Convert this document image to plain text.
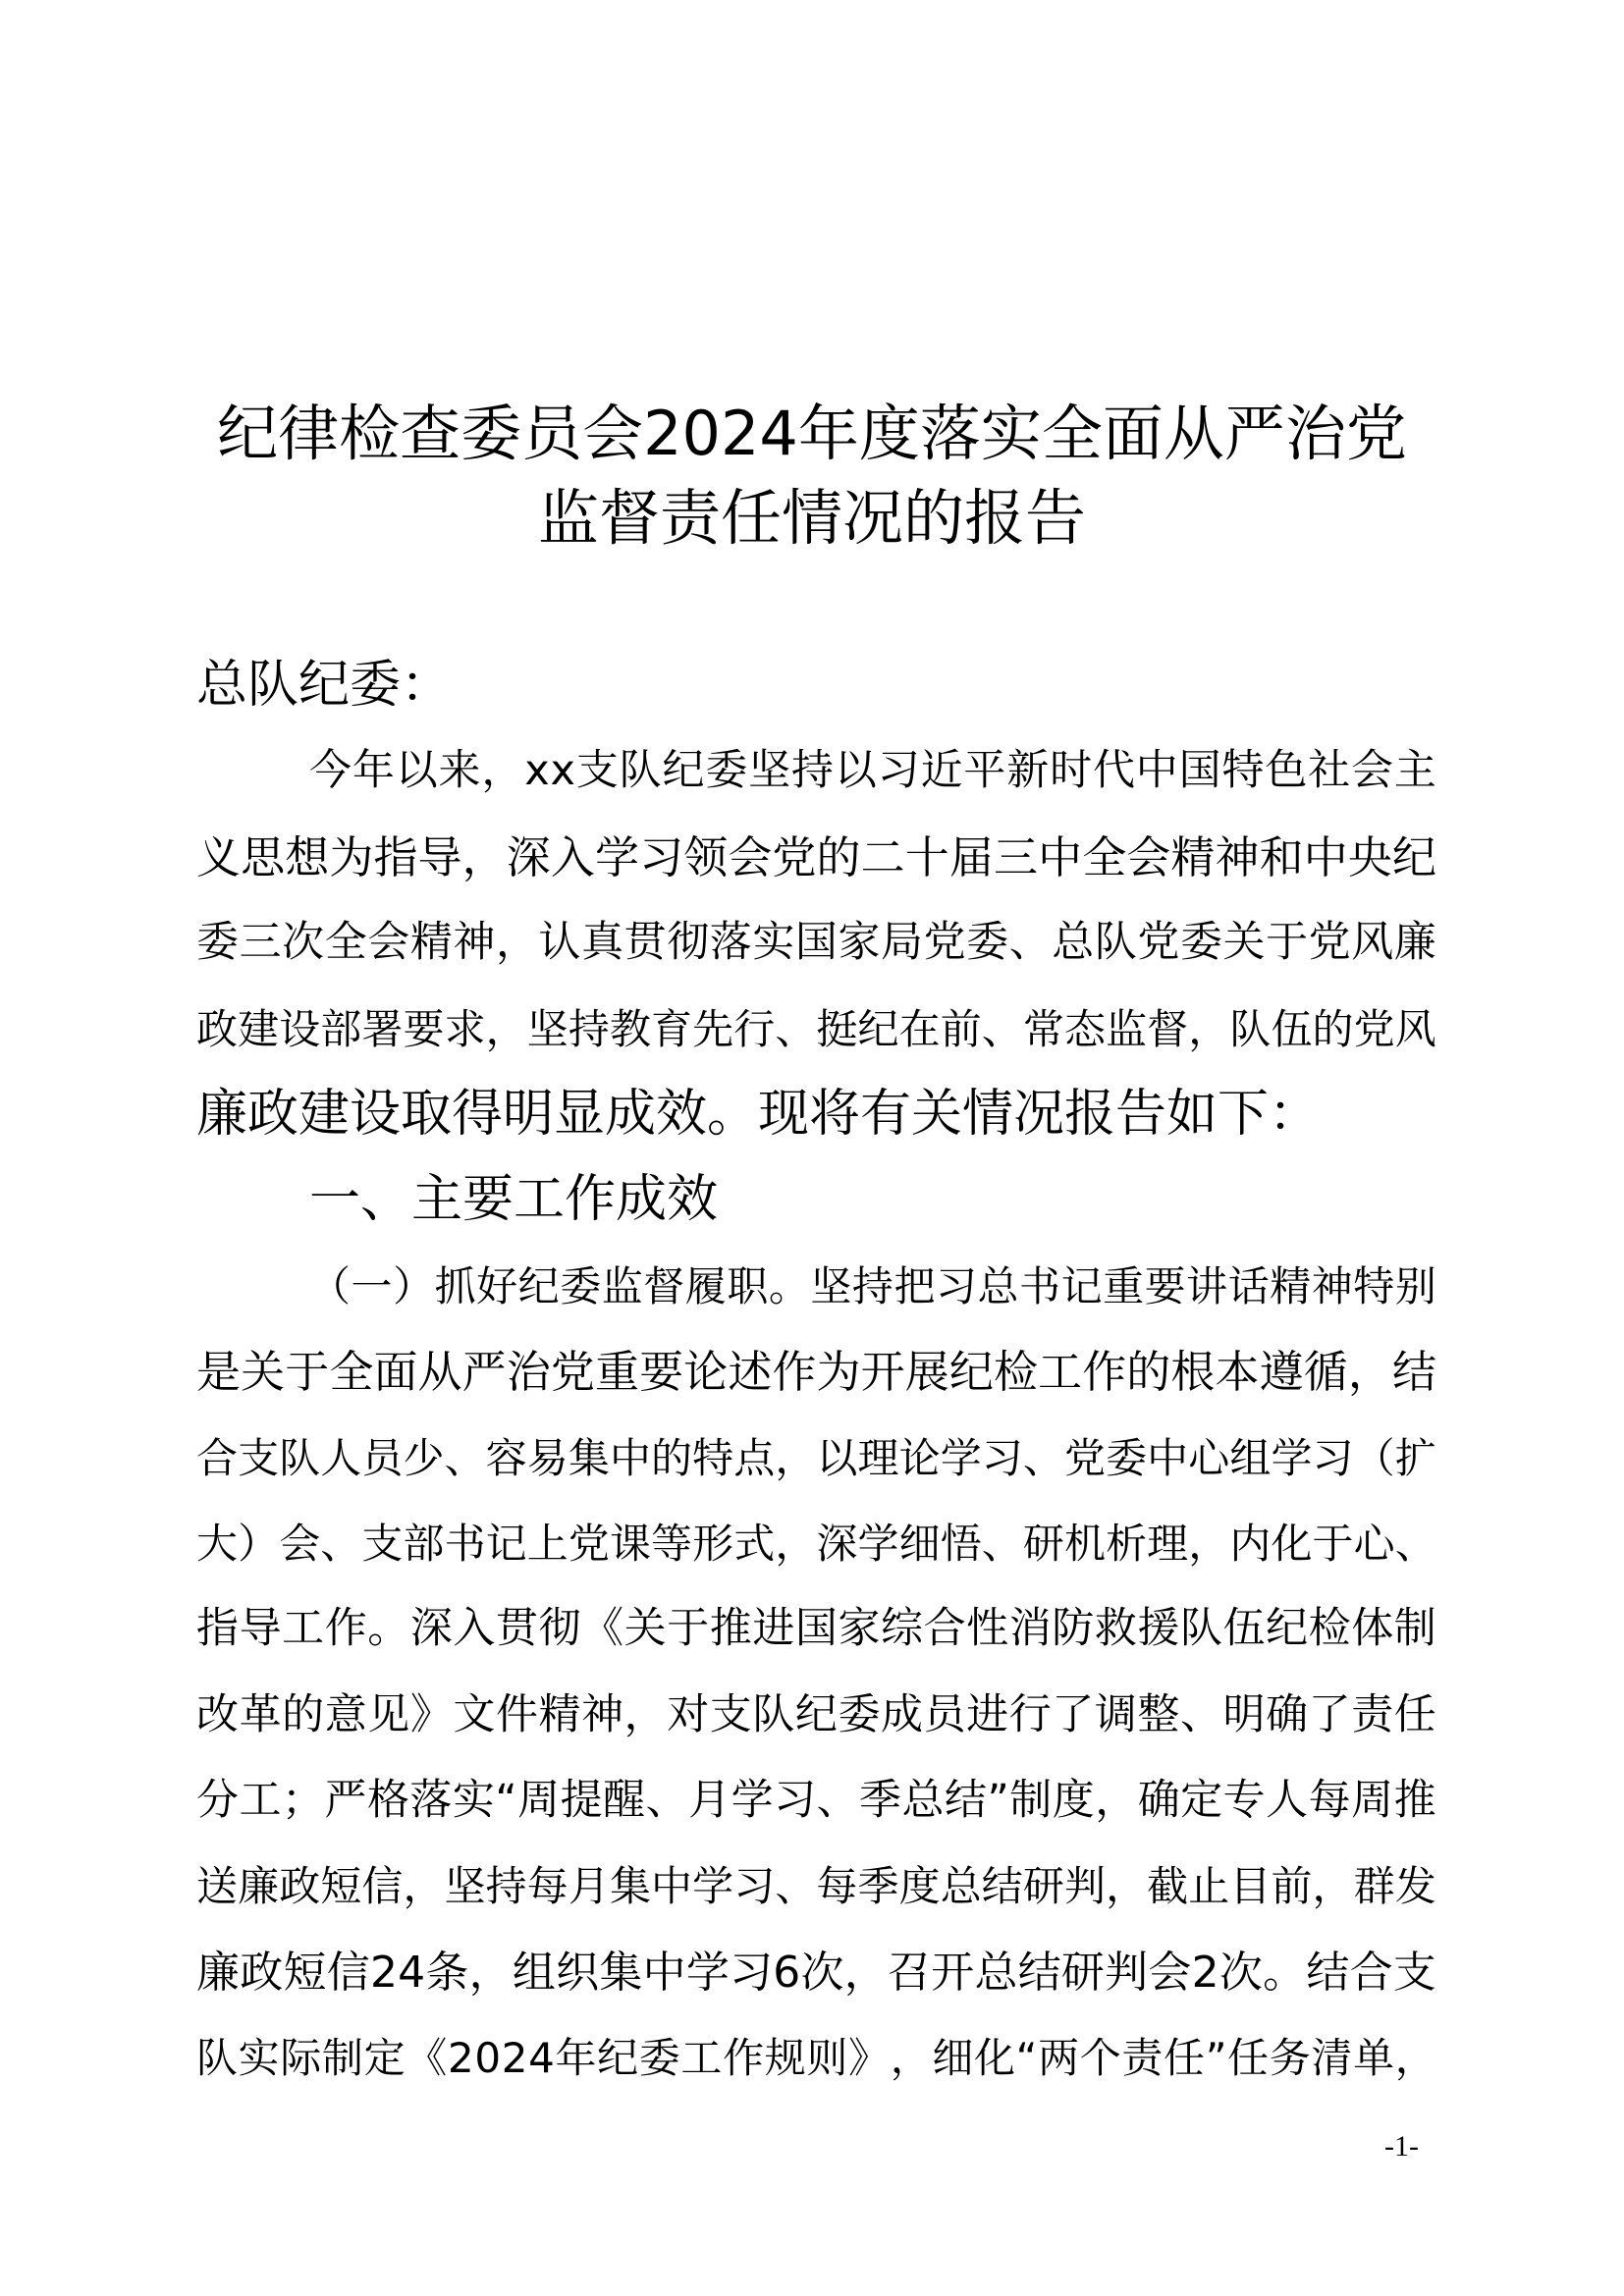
纪律检查委员会2024年度落实全面从严治党
监督责任情况的报告
总队纪委：
今 年 以 来 ， x x 支 队 纪 委 坚 持 以 习 近 平 新 时 代 中 国 特 色 社 会 主
义 思 想 为 指 导 ， 深 入 学 习 领 会 党 的 二 十 届 三 中 全 会 精 神 和 中 央 纪
委 三 次 全 会 精 神 ， 认 真 贯 彻 落 实 国 家 局 党 委 、 总 队 党 委 关 于 党 风 廉
政 建 设 部 署 要 求 ， 坚 持 教 育 先 行 、 挺 纪 在 前 、 常 态 监 督 ， 队 伍 的 党 风
廉政建设取得明显成效。现将有关情况报告如下：
一、主要工作成效
（ 一 ） 抓 好 纪 委 监 督 履 职 。 坚 持 把 习 总 书 记 重 要 讲 话 精 神 特 别
是 关 于 全 面 从 严 治 党 重 要 论 述 作 为 开 展 纪 检 工 作 的 根 本 遵 循 ， 结
合 支 队 人 员 少 、 容 易 集 中 的 特 点 ， 以 理 论 学 习 、 党 委 中 心 组 学 习 （ 扩
大 ） 会 、 支 部 书 记 上 党 课 等 形 式 ， 深 学 细 悟 、 研 机 析 理 ， 内 化 于 心 、
指 导 工 作 。 深 入 贯 彻 《 关 于 推 进 国 家 综 合 性 消 防 救 援 队 伍 纪 检 体 制
改 革 的 意 见 》 文 件 精 神 ， 对 支 队 纪 委 成 员 进 行 了 调 整 、 明 确 了 责 任
分 工 ； 严 格 落 实 “ 周 提 醒 、 月 学 习 、 季 总 结 ” 制 度 ， 确 定 专 人 每 周 推
送 廉 政 短 信 ， 坚 持 每 月 集 中 学 习 、 每 季 度 总 结 研 判 ， 截 止 目 前 ， 群 发
廉 政 短 信 2 4 条 ， 组 织 集 中 学 习 6 次 ， 召 开 总 结 研 判 会 2 次 。 结 合 支
队 实 际 制 定 《 2 0 2 4 年 纪 委 工 作 规 则 》 ， 细 化 “ 两 个 责 任 ” 任 务 清 单 ，
-1-
